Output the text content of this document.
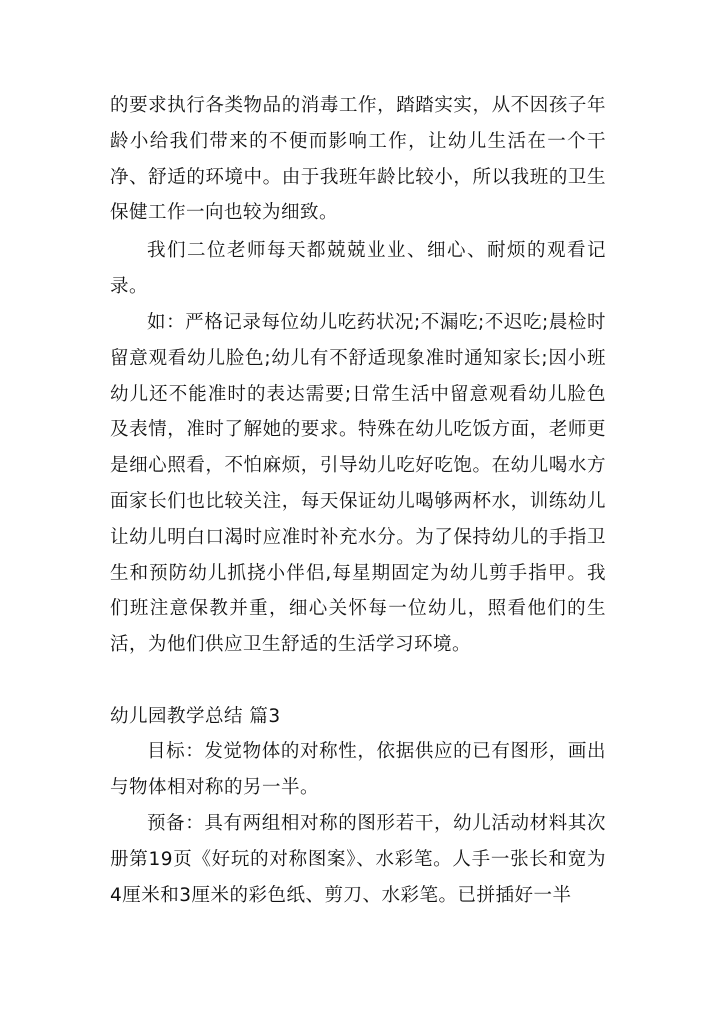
的要求执行各类物品的消毒工作，踏踏实实，从不因孩子年龄小给我们带来的不便而影响工作，让幼儿生活在一个干净、舒适的环境中。由于我班年龄比较小，所以我班的卫生保健工作一向也较为细致。

我们二位老师每天都兢兢业业、细心、耐烦的观看记录。

如：严格记录每位幼儿吃药状况;不漏吃;不迟吃;晨检时留意观看幼儿脸色;幼儿有不舒适现象准时通知家长;因小班幼儿还不能准时的表达需要;日常生活中留意观看幼儿脸色及表情，准时了解她的要求。特殊在幼儿吃饭方面，老师更是细心照看，不怕麻烦，引导幼儿吃好吃饱。在幼儿喝水方面家长们也比较关注，每天保证幼儿喝够两杯水，训练幼儿让幼儿明白口渴时应准时补充水分。为了保持幼儿的手指卫生和预防幼儿抓挠小伴侣,每星期固定为幼儿剪手指甲。我们班注意保教并重，细心关怀每一位幼儿，照看他们的生活，为他们供应卫生舒适的生活学习环境。

幼儿园教学总结 篇3

目标：发觉物体的对称性，依据供应的已有图形，画出与物体相对称的另一半。

预备：具有两组相对称的图形若干，幼儿活动材料其次册第19页《好玩的对称图案》、水彩笔。人手一张长和宽为4厘米和3厘米的彩色纸、剪刀、水彩笔。已拼插好一半
